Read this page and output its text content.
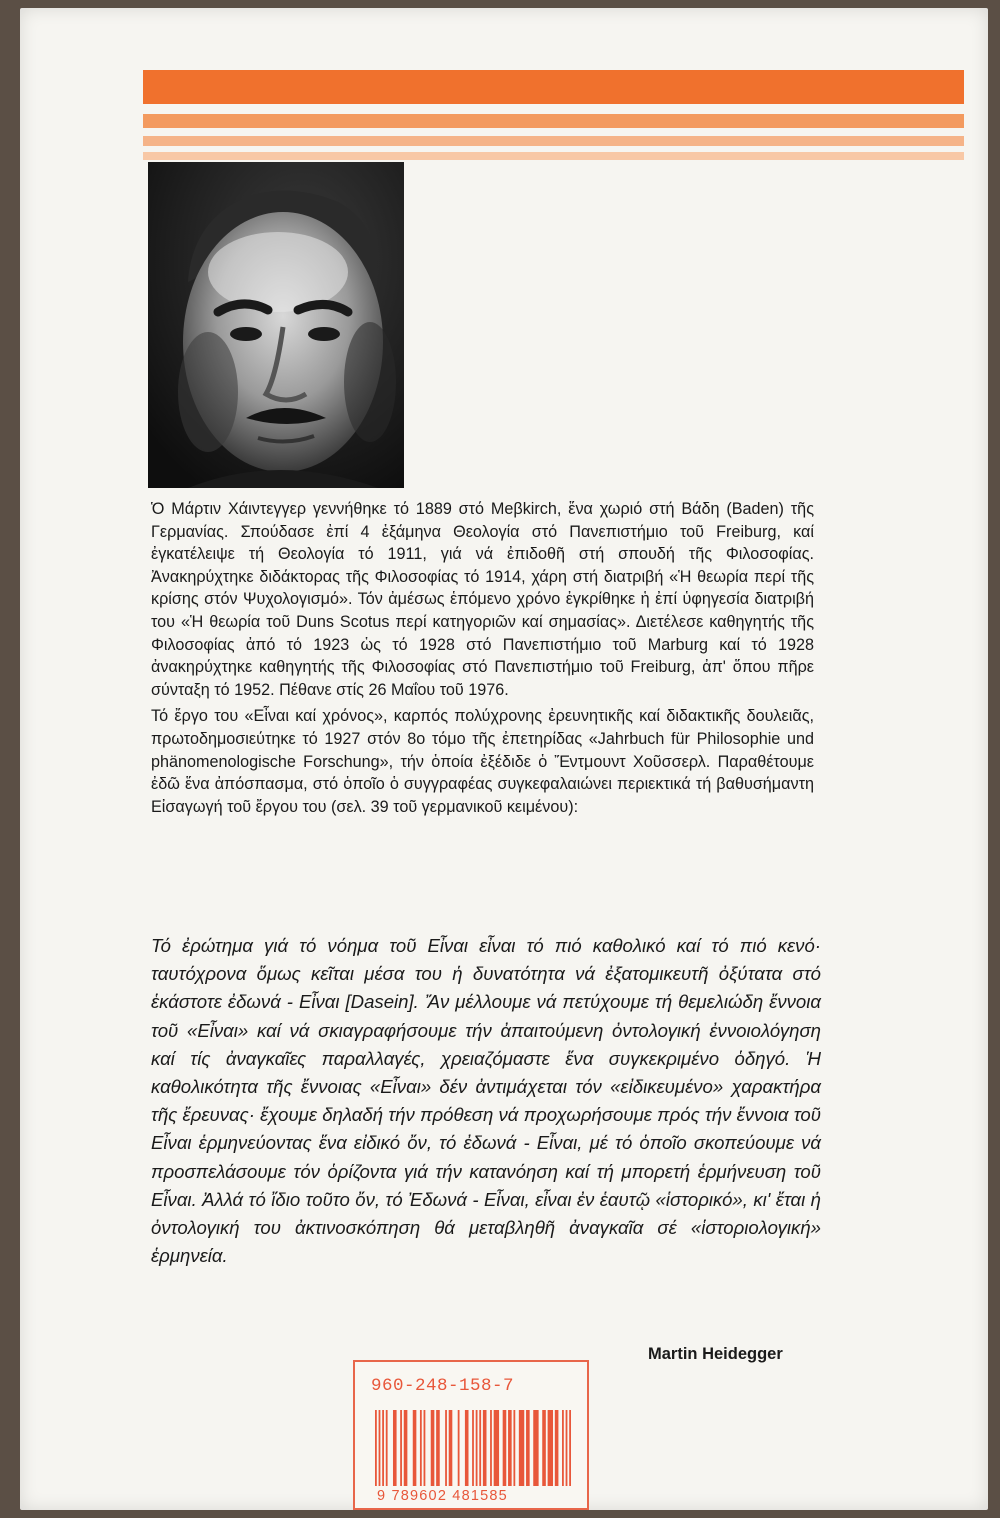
Ὁ Μάρτιν Χάιντεγγερ γεννήθηκε τό 1889 στό Meβkirch, ἕνα χωριό στή Βάδη (Baden) τῆς Γερμανίας. Σπούδασε ἐπί 4 ἑξάμηνα Θεολογία στό Πανεπιστήμιο τοῦ Freiburg, καί ἐγκατέλειψε τή Θεολογία τό 1911, γιά νά ἐπιδοθῆ στή σπουδή τῆς Φιλοσοφίας. Ἀνακηρύχτηκε διδάκτορας τῆς Φιλοσοφίας τό 1914, χάρη στή διατριβή «Ἡ θεωρία περί τῆς κρίσης στόν Ψυχολογισμό». Τόν ἀμέσως ἑπόμενο χρόνο ἐγκρίθηκε ἡ ἐπί ὑφηγεσία διατριβή του «Ἡ θεωρία τοῦ Duns Scotus περί κατηγοριῶν καί σημασίας». Διετέλεσε καθηγητής τῆς Φιλοσοφίας ἀπό τό 1923 ὡς τό 1928 στό Πανεπιστήμιο τοῦ Marburg καί τό 1928 ἀνακηρύχτηκε καθηγητής τῆς Φιλοσοφίας στό Πανεπιστήμιο τοῦ Freiburg, ἀπ' ὅπου πῆρε σύνταξη τό 1952. Πέθανε στίς 26 Μαΐου τοῦ 1976.

Τό ἔργο του «Εἶναι καί χρόνος», καρπός πολύχρονης ἐρευνητικῆς καί διδακτικῆς δουλειᾶς, πρωτοδημοσιεύτηκε τό 1927 στόν 8ο τόμο τῆς ἐπετηρίδας «Jahrbuch für Philosophie und phänomenologische Forschung», τήν ὁποία ἐξέδιδε ὁ Ἔντμουντ Χοῦσσερλ. Παραθέτουμε ἐδῶ ἕνα ἀπόσπασμα, στό ὁποῖο ὁ συγγραφέας συγκεφαλαιώνει περιεκτικά τή βαθυσήμαντη Εἰσαγωγή τοῦ ἔργου του (σελ. 39 τοῦ γερμανικοῦ κειμένου):

Τό ἐρώτημα γιά τό νόημα τοῦ Εἶναι εἶναι τό πιό καθολικό καί τό πιό κενό· ταυτόχρονα ὅμως κεῖται μέσα του ἡ δυνατότητα νά ἐξατομικευτῆ ὀξύτατα στό ἑκάστοτε ἐδωνά - Εἶναι [Dasein]. Ἄν μέλλουμε νά πετύχουμε τή θεμελιώδη ἔννοια τοῦ «Εἶναι» καί νά σκιαγραφήσουμε τήν ἀπαιτούμενη ὀντολογική ἐννοιολόγηση καί τίς ἀναγκαῖες παραλλαγές, χρειαζόμαστε ἕνα συγκεκριμένο ὁδηγό. Ἡ καθολικότητα τῆς ἔννοιας «Εἶναι» δέν ἀντιμάχεται τόν «εἰδικευμένο» χαρακτήρα τῆς ἔρευνας· ἔχουμε δηλαδή τήν πρόθεση νά προχωρήσουμε πρός τήν ἔννοια τοῦ Εἶναι ἑρμηνεύοντας ἕνα εἰδικό ὄν, τό ἐδωνά - Εἶναι, μέ τό ὁποῖο σκοπεύουμε νά προσπελάσουμε τόν ὁρίζοντα γιά τήν κατανόηση καί τή μπορετή ἑρμήνευση τοῦ Εἶναι. Ἀλλά τό ἴδιο τοῦτο ὄν, τό Ἐδωνά - Εἶναι, εἶναι ἐν ἑαυτῷ «ἱστορικό», κι' ἔται ἡ ὀντολογική του ἀκτινοσκόπηση θά μεταβληθῆ ἀναγκαῖα σέ «ἱστοριολογική» ἑρμηνεία.

Martin Heidegger
960-248-158-7
9 789602 481585
